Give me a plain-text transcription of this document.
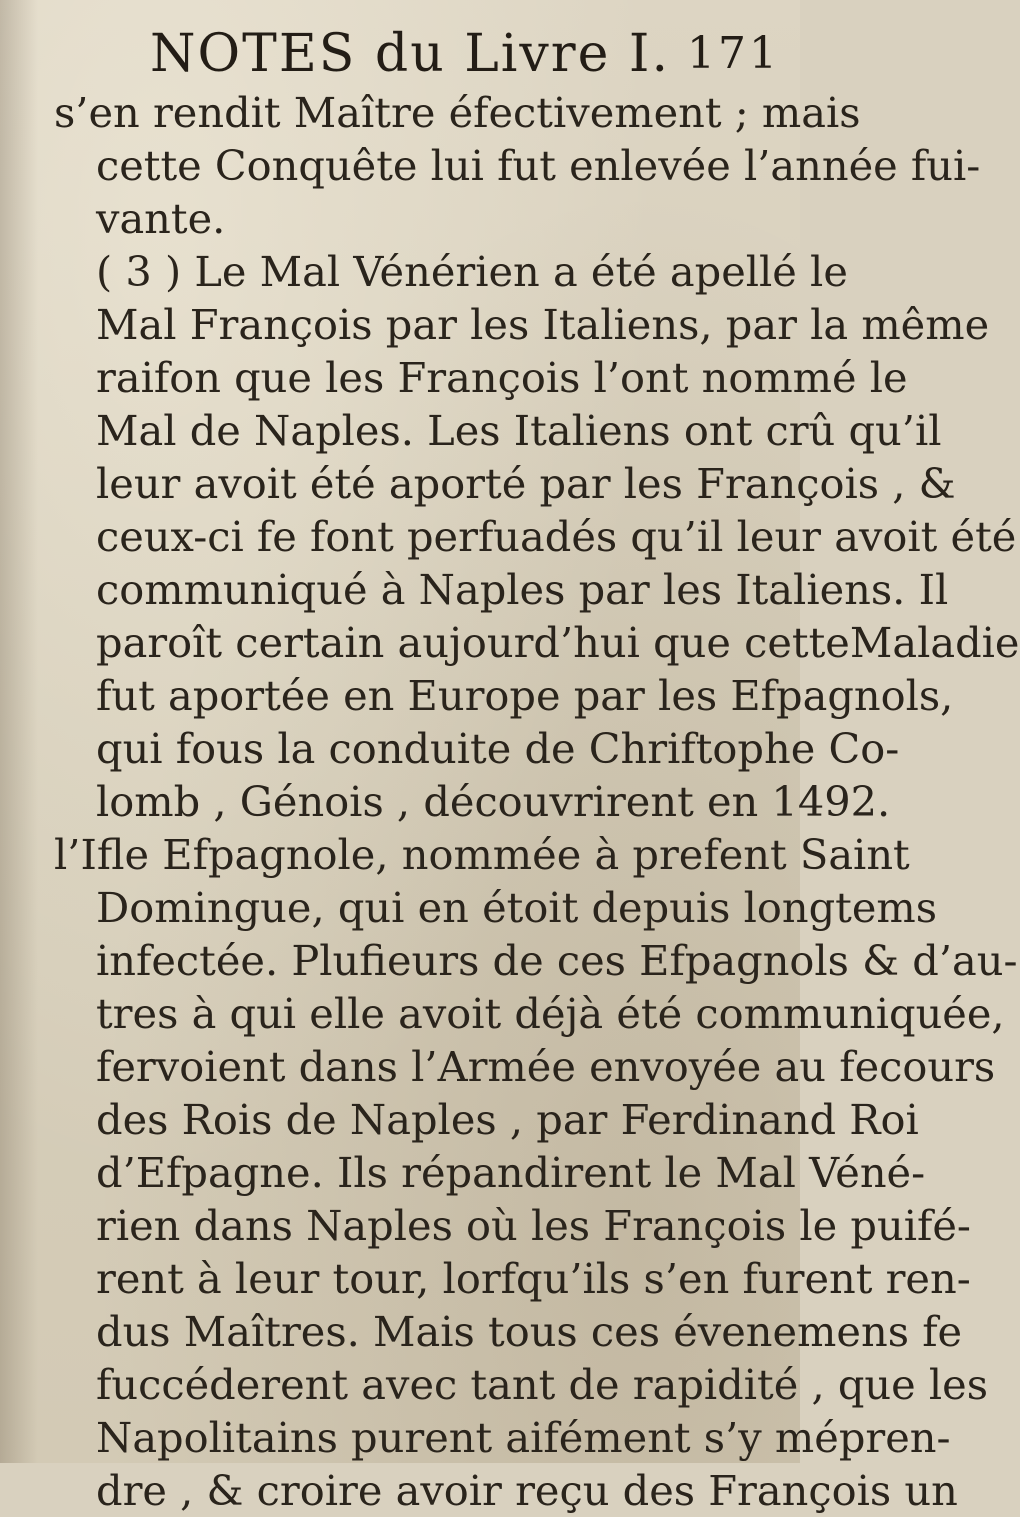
NOTES du Livre I. 171
s’en rendit Maître éfectivement ; mais
cette Conquête lui fut enlevée l’année fui-
vante.
( 3 ) Le Mal Vénérien a été apellé le
Mal François par les Italiens, par la même
raifon que les François l’ont nommé le
Mal de Naples. Les Italiens ont crû qu’il
leur avoit été aporté par les François , &
ceux-ci fe font perfuadés qu’il leur avoit été
communiqué à Naples par les Italiens. Il
paroît certain aujourd’hui que cetteMaladie
fut aportée en Europe par les Efpagnols,
qui fous la conduite de Chriftophe Co-
lomb , Génois , découvrirent en 1492.
l’Ifle Efpagnole, nommée à prefent Saint
Domingue, qui en étoit depuis longtems
infectée. Plufieurs de ces Efpagnols & d’au-
tres à qui elle avoit déjà été communiquée,
fervoient dans l’Armée envoyée au fecours
des Rois de Naples , par Ferdinand Roi
d’Efpagne. Ils répandirent le Mal Véné-
rien dans Naples où les François le puifé-
rent à leur tour, lorfqu’ils s’en furent ren-
dus Maîtres. Mais tous ces évenemens fe
fuccéderent avec tant de rapidité , que les
Napolitains purent aifément s’y mépren-
dre , & croire avoir reçu des François un
